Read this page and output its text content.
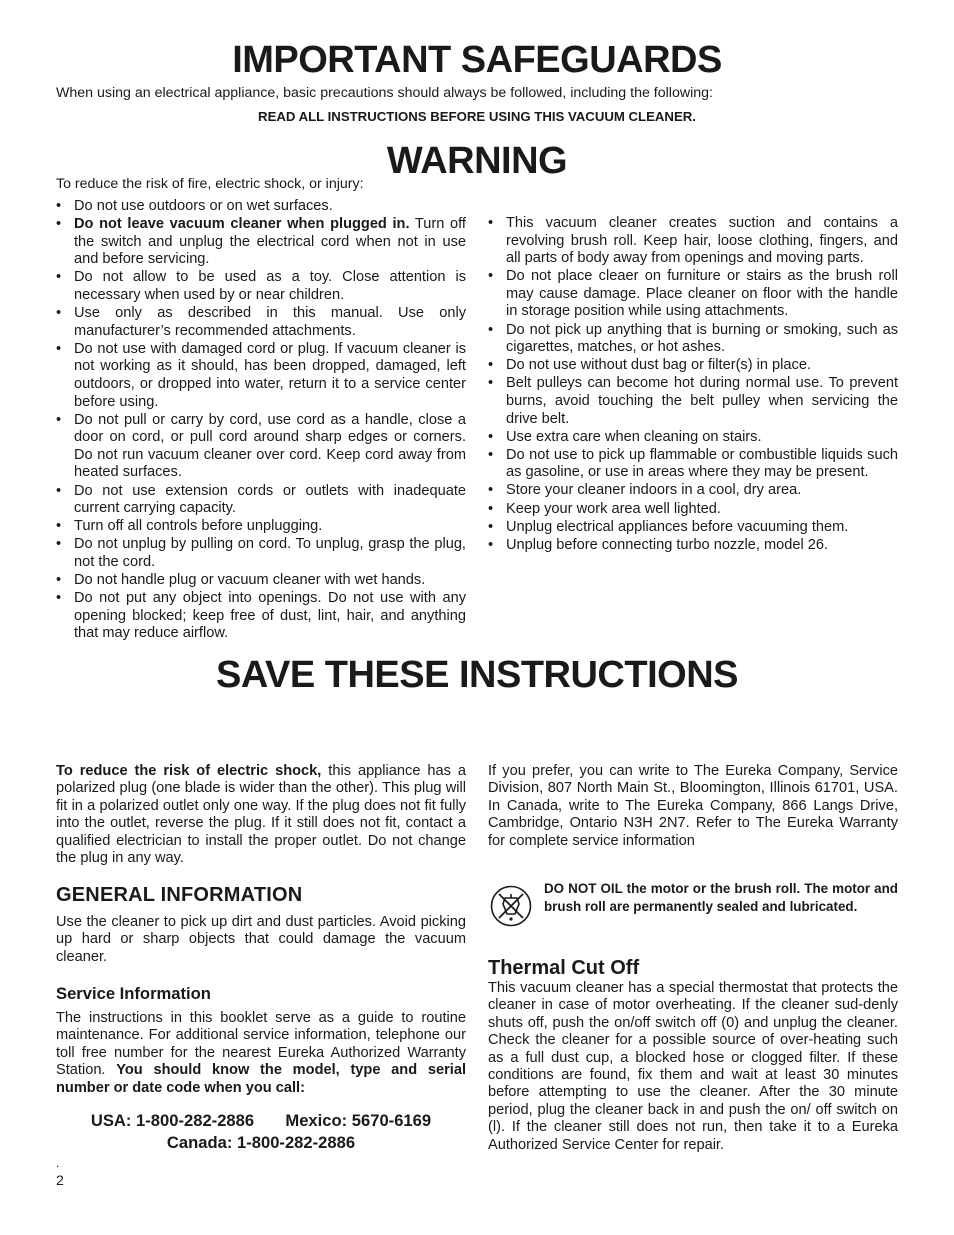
IMPORTANT SAFEGUARDS
When using an electrical appliance, basic precautions should always be followed, including the following:
READ ALL INSTRUCTIONS BEFORE USING THIS VACUUM CLEANER.
WARNING
To reduce the risk of fire, electric shock, or injury:
• Do not use outdoors or on wet surfaces.
• Do not leave vacuum cleaner when plugged in. Turn off the switch and unplug the electrical cord when not in use and before servicing.
• Do not allow to be used as a toy. Close attention is necessary when used by or near children.
• Use only as described in this manual. Use only manufacturer’s recommended attachments.
• Do not use with damaged cord or plug. If vacuum cleaner is not working as it should, has been dropped, damaged, left outdoors, or dropped into water, return it to a service center before using.
• Do not pull or carry by cord, use cord as a handle, close a door on cord, or pull cord around sharp edges or corners. Do not run vacuum cleaner over cord. Keep cord away from heated surfaces.
• Do not use extension cords or outlets with inadequate current carrying capacity.
• Turn off all controls before unplugging.
• Do not unplug by pulling on cord. To unplug, grasp the plug, not the cord.
• Do not handle plug or vacuum cleaner with wet hands.
• Do not put any object into openings. Do not use with any opening blocked; keep free of dust, lint, hair, and anything that may reduce airflow.
• This vacuum cleaner creates suction and contains a revolving brush roll. Keep hair, loose clothing, fingers, and all parts of body away from openings and moving parts.
• Do not place cleaer on furniture or stairs as the brush roll may cause damage. Place cleaner on floor with the handle in storage position while using attachments.
• Do not pick up anything that is burning or smoking, such as cigarettes, matches, or hot ashes.
• Do not use without dust bag or filter(s) in place.
• Belt pulleys can become hot during normal use. To prevent burns, avoid touching the belt pulley when servicing the drive belt.
• Use extra care when cleaning on stairs.
• Do not use to pick up flammable or combustible liquids such as gasoline, or use in areas where they may be present.
• Store your cleaner indoors in a cool, dry area.
• Keep your work area well lighted.
• Unplug electrical appliances before vacuuming them.
• Unplug before connecting turbo nozzle, model 26.
SAVE THESE INSTRUCTIONS
To reduce the risk of electric shock, this appliance has a polarized plug (one blade is wider than the other). This plug will fit in a polarized outlet only one way. If the plug does not fit fully into the outlet, reverse the plug. If it still does not fit, contact a qualified electrician to install the proper outlet. Do not change the plug in any way.
GENERAL INFORMATION
Use the cleaner to pick up dirt and dust particles. Avoid picking up hard or sharp objects that could damage the vacuum cleaner.
Service Information
The instructions in this booklet serve as a guide to routine maintenance. For additional service information, telephone our toll free number for the nearest Eureka Authorized Warranty Station. You should know the model, type and serial number or date code when you call:
USA: 1-800-282-2886 Mexico: 5670-6169
Canada: 1-800-282-2886
If you prefer, you can write to The Eureka Company, Service Division, 807 North Main St., Bloomington, Illinois 61701, USA. In Canada, write to The Eureka Company, 866 Langs Drive, Cambridge, Ontario N3H 2N7. Refer to The Eureka Warranty for complete service information
DO NOT OIL the motor or the brush roll. The motor and brush roll are permanently sealed and lubricated.
Thermal Cut Off
This vacuum cleaner has a special thermostat that protects the cleaner in case of motor overheating. If the cleaner sud-denly shuts off, push the on/off switch off (0) and unplug the cleaner. Check the cleaner for a possible source of over-heating such as a full dust cup, a blocked hose or clogged filter. If these conditions are found, fix them and wait at least 30 minutes before attempting to use the cleaner. After the 30 minute period, plug the cleaner back in and push the on/ off switch on (l). If the cleaner still does not run, then take it to a Eureka Authorized Service Center for repair.
.
2
